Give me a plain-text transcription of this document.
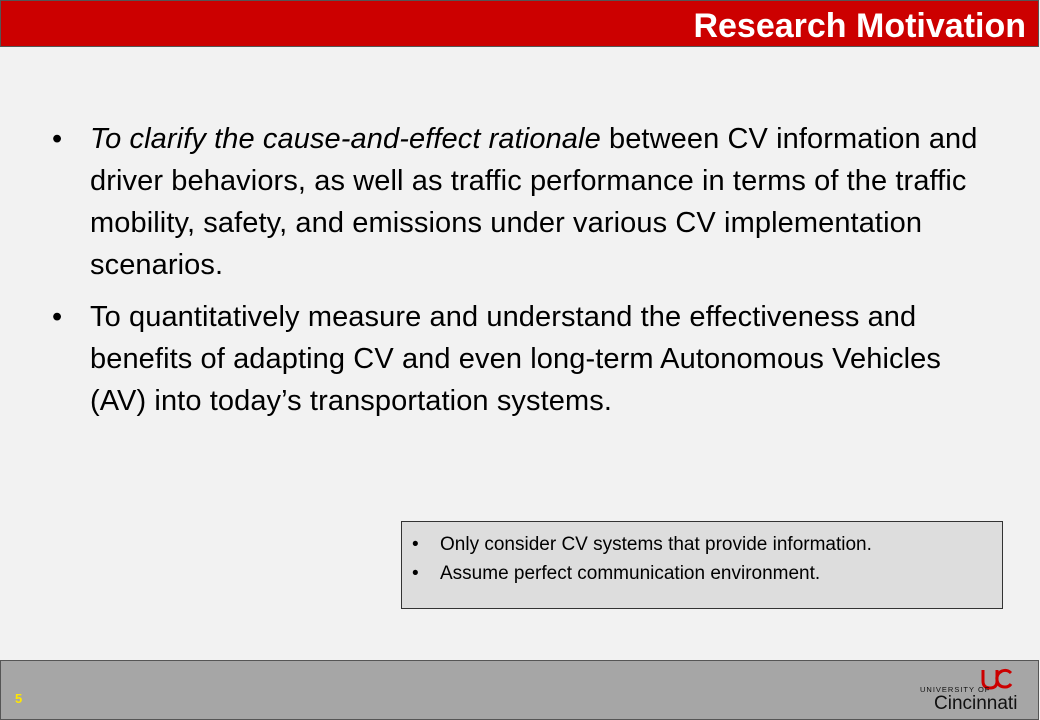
Research Motivation
• To clarify the cause-and-effect rationale between CV information and driver behaviors, as well as traffic performance in terms of the traffic mobility, safety, and emissions under various CV implementation scenarios.
• To quantitatively measure and understand the effectiveness and benefits of adapting CV and even long-term Autonomous Vehicles (AV) into today’s transportation systems.
• Only consider CV systems that provide information.
• Assume perfect communication environment.
5
UNIVERSITY OF
Cincinnati
